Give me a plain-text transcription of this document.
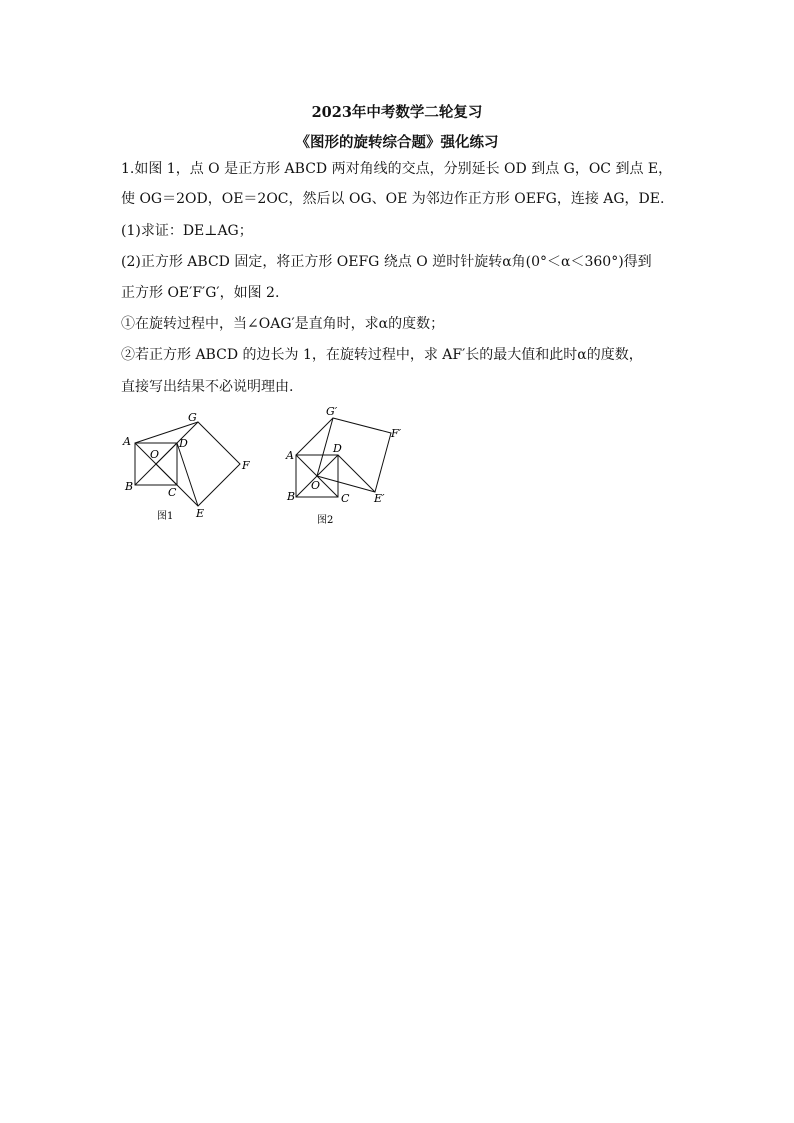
2023年中考数学二轮复习
《图形的旋转综合题》强化练习

1.如图 1，点 O 是正方形 ABCD 两对角线的交点，分别延长 OD 到点 G，OC 到点 E，

使 OG＝2OD，OE＝2OC，然后以 OG、OE 为邻边作正方形 OEFG，连接 AG，DE.

(1)求证：DE⊥AG；

(2)正方形 ABCD 固定，将正方形 OEFG 绕点 O 逆时针旋转α角(0°＜α＜360°)得到

正方形 OE′F′G′，如图 2.

①在旋转过程中，当∠OAG′是直角时，求α的度数；

②若正方形 ABCD 的边长为 1，在旋转过程中，求 AF′长的最大值和此时α的度数，

直接写出结果不必说明理由.

A
B	C
D
O
G
E
F
图1
A
B	C
D
O
G′
E′
F′
图2
